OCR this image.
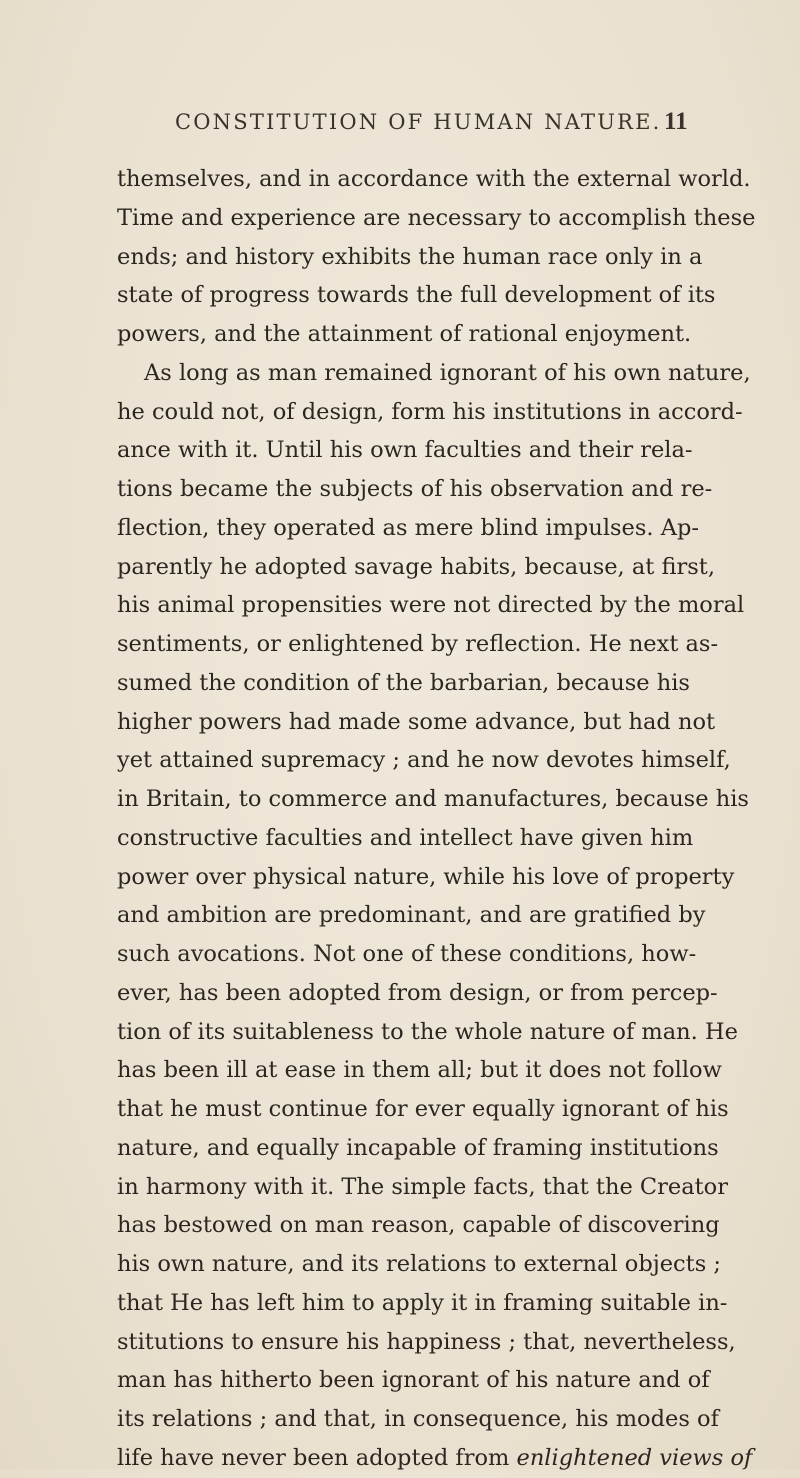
CONSTITUTION OF HUMAN NATURE. 11
themselves, and in accordance with the external world.
Time and experience are necessary to accomplish these
ends; and history exhibits the human race only in a
state of progress towards the full development of its
powers, and the attainment of rational enjoyment.
As long as man remained ignorant of his own nature,
he could not, of design, form his institutions in accord-
ance with it. Until his own faculties and their rela-
tions became the subjects of his observation and re-
flection, they operated as mere blind impulses. Ap-
parently he adopted savage habits, because, at first,
his animal propensities were not directed by the moral
sentiments, or enlightened by reflection. He next as-
sumed the condition of the barbarian, because his
higher powers had made some advance, but had not
yet attained supremacy ; and he now devotes himself,
in Britain, to commerce and manufactures, because his
constructive faculties and intellect have given him
power over physical nature, while his love of property
and ambition are predominant, and are gratified by
such avocations. Not one of these conditions, how-
ever, has been adopted from design, or from percep-
tion of its suitableness to the whole nature of man. He
has been ill at ease in them all; but it does not follow
that he must continue for ever equally ignorant of his
nature, and equally incapable of framing institutions
in harmony with it. The simple facts, that the Creator
has bestowed on man reason, capable of discovering
his own nature, and its relations to external objects ;
that He has left him to apply it in framing suitable in-
stitutions to ensure his happiness ; that, nevertheless,
man has hitherto been ignorant of his nature and of
its relations ; and that, in consequence, his modes of
life have never been adopted from enlightened views of
